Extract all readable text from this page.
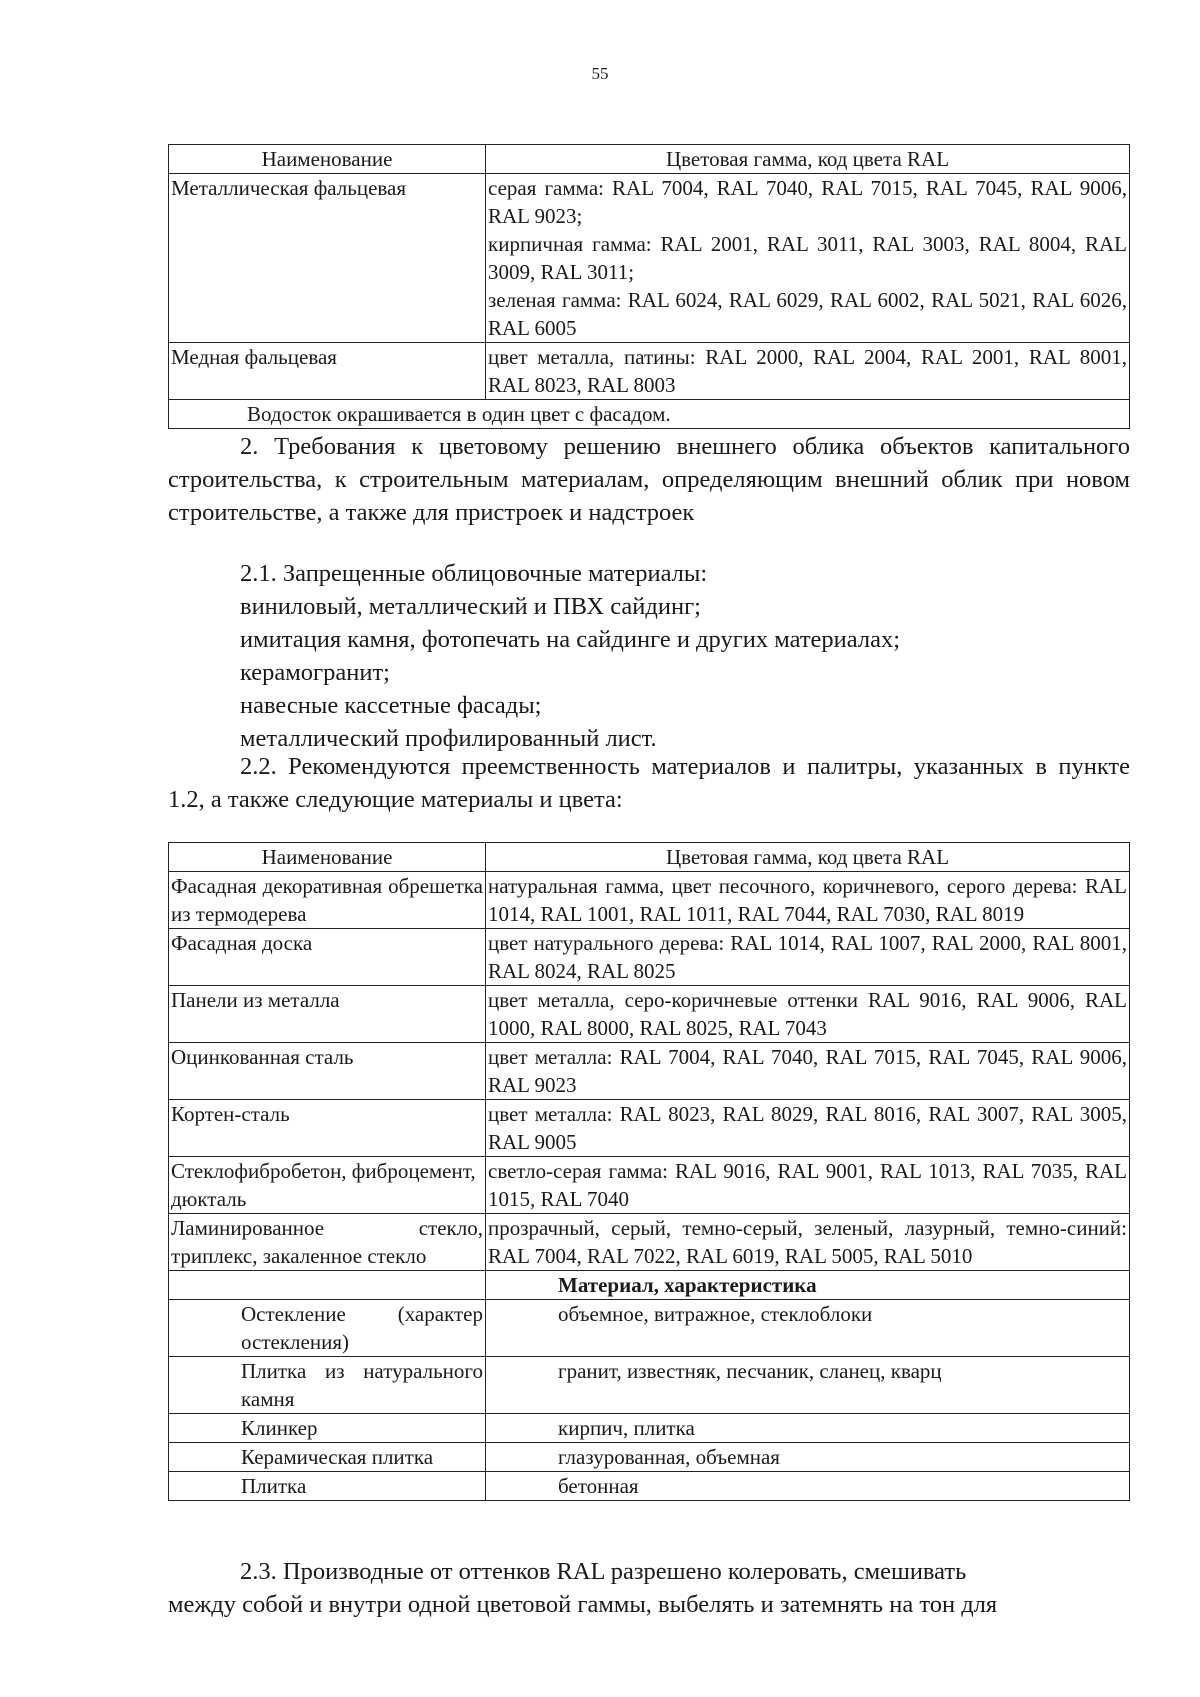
55
Наименование	Цветовая гамма, код цвета RAL
Металлическая фальцевая	серая гамма: RAL 7004, RAL 7040, RAL 7015, RAL 7045, RAL 9006, RAL 9023;
кирпичная гамма: RAL 2001, RAL 3011, RAL 3003, RAL 8004, RAL 3009, RAL 3011;
зеленая гамма: RAL 6024, RAL 6029, RAL 6002, RAL 5021, RAL 6026, RAL 6005

Медная фальцевая	цвет металла, патины: RAL 2000, RAL 2004, RAL 2001, RAL 8001, RAL 8023, RAL 8003

Водосток окрашивается в один цвет с фасадом.	
2. Требования к цветовому решению внешнего облика объектов капитального строительства, к строительным материалам, определяющим внешний облик при новом строительстве, а также для пристроек и надстроек
2.1. Запрещенные облицовочные материалы:
виниловый, металлический и ПВХ сайдинг;
имитация камня, фотопечать на сайдинге и других материалах;
керамогранит;
навесные кассетные фасады;
металлический профилированный лист.
2.2. Рекомендуются преемственность материалов и палитры, указанных в пункте 1.2, а также следующие материалы и цвета:
Наименование	Цветовая гамма, код цвета RAL
Фасадная декоративная обрешетка из термодерева	натуральная гамма, цвет песочного, коричневого, серого дерева: RAL 1014, RAL 1001, RAL 1011, RAL 7044, RAL 7030, RAL 8019
Фасадная доска	цвет натурального дерева: RAL 1014, RAL 1007, RAL 2000, RAL 8001, RAL 8024, RAL 8025
Панели из металла	цвет металла, серо-коричневые оттенки RAL 9016, RAL 9006, RAL 1000, RAL 8000, RAL 8025, RAL 7043
Оцинкованная сталь	цвет металла: RAL 7004, RAL 7040, RAL 7015, RAL 7045, RAL 9006, RAL 9023
Кортен-сталь	цвет металла: RAL 8023, RAL 8029, RAL 8016, RAL 3007, RAL 3005, RAL 9005
Стеклофибробетон, фиброцемент, дюкталь	светло-серая гамма: RAL 9016, RAL 9001, RAL 1013, RAL 7035, RAL 1015, RAL 7040
Ламинированное стекло, триплекс, закаленное стекло	прозрачный, серый, темно-серый, зеленый, лазурный, темно-синий: RAL 7004, RAL 7022, RAL 6019, RAL 5005, RAL 5010
	Материал, характеристика
Остекление (характер остекления)	объемное, витражное, стеклоблоки
Плитка из натурального камня	гранит, известняк, песчаник, сланец, кварц
Клинкер	кирпич, плитка
Керамическая плитка	глазурованная, объемная
Плитка	бетонная
2.3. Производные от оттенков RAL разрешено колеровать, смешивать
между собой и внутри одной цветовой гаммы, выбелять и затемнять на тон для
